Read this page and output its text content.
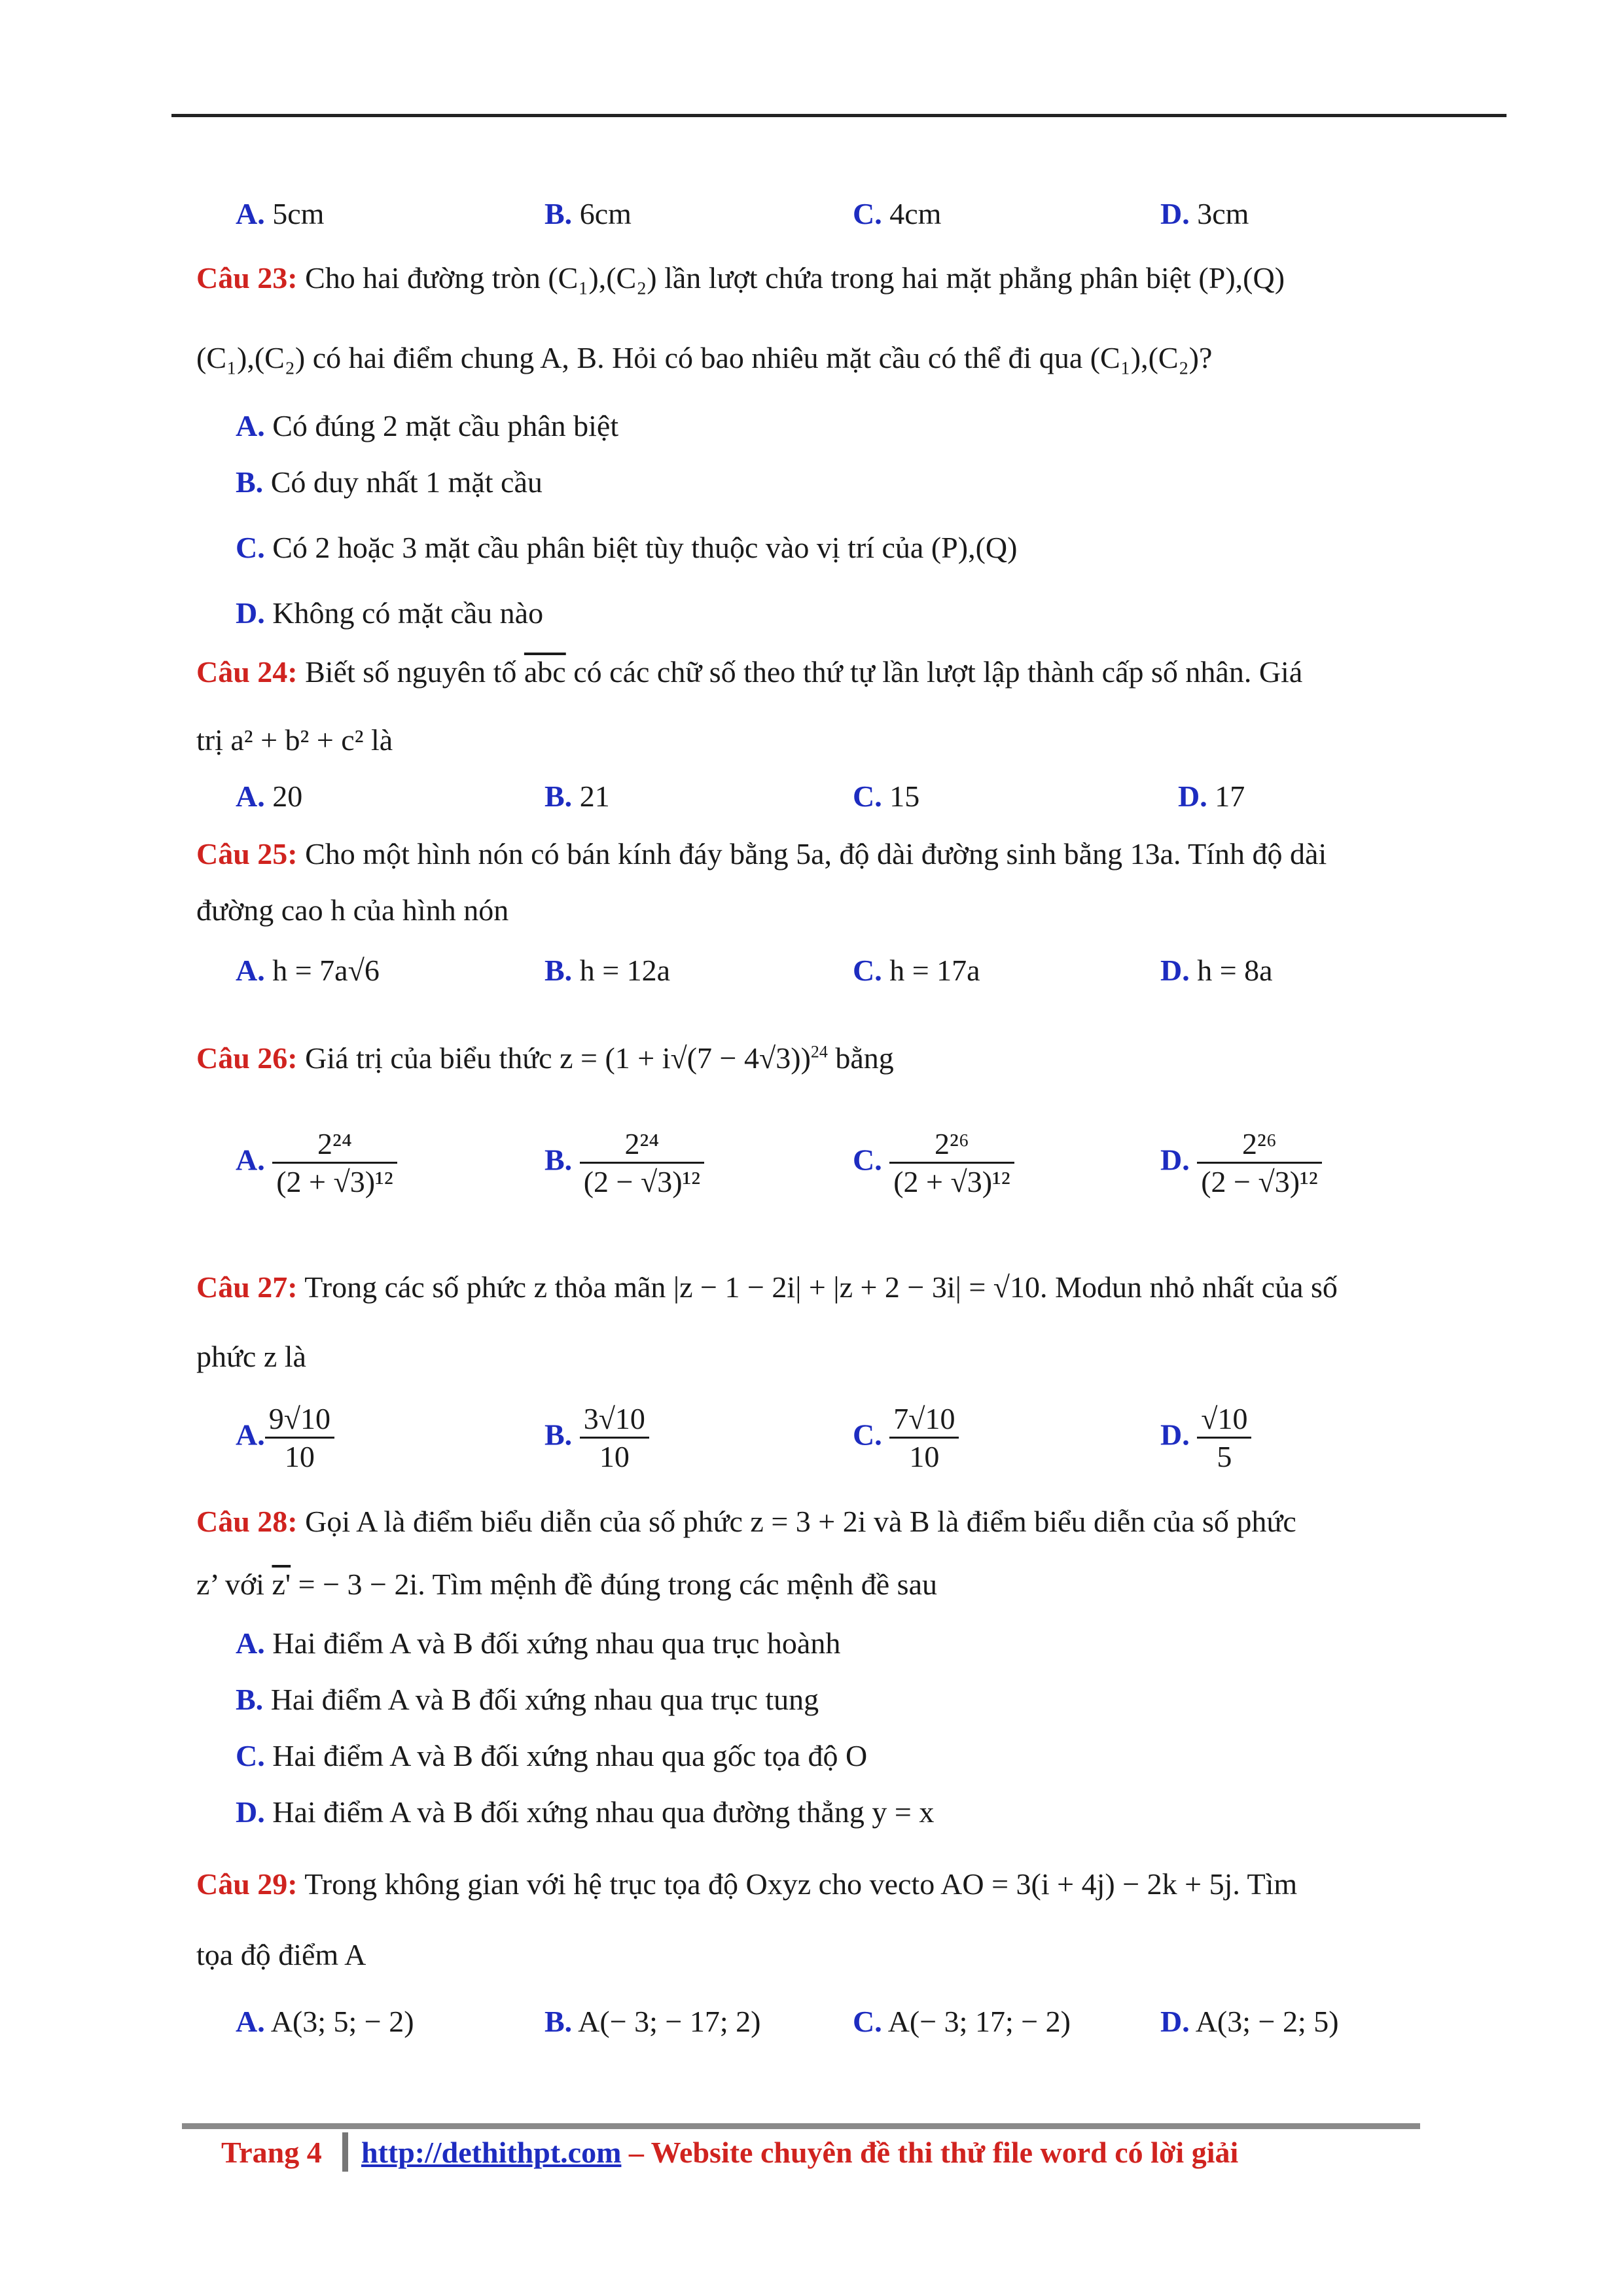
A. 5cm	B. 6cm	C. 4cm	D. 3cm
Câu 23: Cho hai đường tròn (C₁),(C₂) lần lượt chứa trong hai mặt phẳng phân biệt (P),(Q)
(C₁),(C₂) có hai điểm chung A, B. Hỏi có bao nhiêu mặt cầu có thể đi qua (C₁),(C₂)?
A. Có đúng 2 mặt cầu phân biệt
B. Có duy nhất 1 mặt cầu
C. Có 2 hoặc 3 mặt cầu phân biệt tùy thuộc vào vị trí của (P),(Q)
D. Không có mặt cầu nào
Câu 24: Biết số nguyên tố $\overline{abc}$ có các chữ số theo thứ tự lần lượt lập thành cấp số nhân. Giá
trị a² + b² + c² là
A. 20	B. 21	C. 15	D. 17
Câu 25: Cho một hình nón có bán kính đáy bằng 5a, độ dài đường sinh bằng 13a. Tính độ dài
đường cao h của hình nón
A. h = 7a√6	B. h = 12a	C. h = 17a	D. h = 8a
Câu 26: Giá trị của biểu thức $z = (1 + i√(7 - 4√3))^{24}$ bằng
A. $\frac{\text{2²⁴}}{\text{(2 + √3)¹²}}$	B. $\frac{\text{2²⁴}}{\text{(2 − √3)¹²}}$	C. $\frac{\text{2²⁶}}{\text{(2 + √3)¹²}}$	D. $\frac{\text{2²⁶}}{\text{(2 − √3)¹²}}$
Câu 27: Trong các số phức z thỏa mãn |z − 1 − 2i| + |z + 2 − 3i| = √10. Modun nhỏ nhất của số
phức z là
A. $\frac{9√10}{10}$	B. $\frac{3√10}{10}$	C. $\frac{7√10}{10}$	D. $\frac{√10}{5}$
Câu 28: Gọi A là điểm biểu diễn của số phức z = 3 + 2i và B là điểm biểu diễn của số phức
z’ với z' = − 3 − 2i. Tìm mệnh đề đúng trong các mệnh đề sau
A. Hai điểm A và B đối xứng nhau qua trục hoành
B. Hai điểm A và B đối xứng nhau qua trục tung
C. Hai điểm A và B đối xứng nhau qua gốc tọa độ O
D. Hai điểm A và B đối xứng nhau qua đường thẳng y = x
Câu 29: Trong không gian với hệ trục tọa độ Oxyz cho vecto AO = 3(i + 4j) − 2k + 5j. Tìm
tọa độ điểm A
A. A(3; 5; − 2)	B. A(− 3; − 17; 2)	C. A(− 3; 17; − 2)	D. A(3; − 2; 5)
Trang 4 http://dethithpt.com – Website chuyên đề thi thử file word có lời giải
